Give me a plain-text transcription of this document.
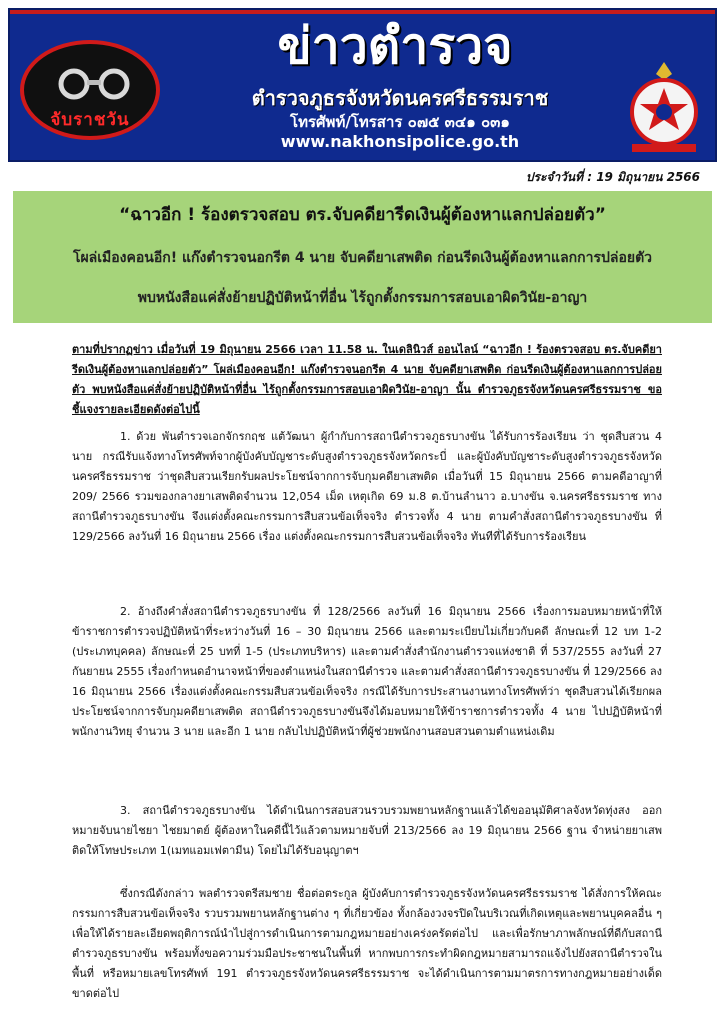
จับราชวัน
ข่าวตำรวจ
ตำรวจภูธรจังหวัดนครศรีธรรมราช
โทรศัพท์/โทรสาร ๐๗๕ ๓๔๑ ๐๓๑
www.nakhonsipolice.go.th
ประจำวันที่ : 19 มิถุนายน 2566
“ฉาวอีก ! ร้องตรวจสอบ ตร.จับคดียารีดเงินผู้ต้องหาแลกปล่อยตัว”
โผล่เมืองคอนอีก! แก๊งตำรวจนอกรีต 4 นาย จับคดียาเสพติด ก่อนรีดเงินผู้ต้องหาแลกการปล่อยตัว
พบหนังสือแค่สั่งย้ายปฏิบัติหน้าที่อื่น ไร้ถูกตั้งกรรมการสอบเอาผิดวินัย-อาญา
ตามที่ปรากฏข่าว เมื่อวันที่ 19 มิถุนายน 2566 เวลา 11.58 น. ในเดลินิวส์ ออนไลน์ “ฉาวอีก ! ร้องตรวจสอบ ตร.จับคดียารีดเงินผู้ต้องหาแลกปล่อยตัว” โผล่เมืองคอนอีก! แก๊งตำรวจนอกรีต 4 นาย จับคดียาเสพติด ก่อนรีดเงินผู้ต้องหาแลกการปล่อยตัว พบหนังสือแค่สั่งย้ายปฏิบัติหน้าที่อื่น ไร้ถูกตั้งกรรมการสอบเอาผิดวินัย-อาญา นั้น ตำรวจภูธรจังหวัดนครศรีธรรมราช ขอชี้แจงรายละเอียดดังต่อไปนี้
1. ด้วย พันตำรวจเอกจักรกฤช แต้วัฒนา ผู้กำกับการสถานีตำรวจภูธรบางขัน ได้รับการร้องเรียน ว่า ชุดสืบสวน 4 นาย กรณีรับแจ้งทางโทรศัพท์จากผู้บังคับบัญชาระดับสูงตำรวจภูธรจังหวัดกระบี่ และผู้บังคับบัญชาระดับสูงตำรวจภูธรจังหวัดนครศรีธรรมราช ว่าชุดสืบสวนเรียกรับผลประโยชน์จากการจับกุมคดียาเสพติด เมื่อวันที่ 15 มิถุนายน 2566 ตามคดีอาญาที่ 209/ 2566 รวมของกลางยาเสพติดจำนวน 12,054 เม็ด เหตุเกิด 69 ม.8 ต.บ้านลำนาว อ.บางขัน จ.นครศรีธรรมราช ทางสถานีตำรวจภูธรบางขัน จึงแต่งตั้งคณะกรรมการสืบสวนข้อเท็จจริง ตำรวจทั้ง 4 นาย ตามคำสั่งสถานีตำรวจภูธรบางขัน ที่ 129/2566 ลงวันที่ 16 มิถุนายน 2566 เรื่อง แต่งตั้งคณะกรรมการสืบสวนข้อเท็จจริง ทันทีที่ได้รับการร้องเรียน
2. อ้างถึงคำสั่งสถานีตำรวจภูธรบางขัน ที่ 128/2566 ลงวันที่ 16 มิถุนายน 2566 เรื่องการมอบหมายหน้าที่ให้ข้าราชการตำรวจปฏิบัติหน้าที่ระหว่างวันที่ 16 – 30 มิถุนายน 2566 และตามระเบียบไม่เกี่ยวกับคดี ลักษณะที่ 12 บท 1-2 (ประเภทบุคคล) ลักษณะที่ 25 บทที่ 1-5 (ประเภทบริหาร) และตามคำสั่งสำนักงานตำรวจแห่งชาติ ที่ 537/2555 ลงวันที่ 27 กันยายน 2555 เรื่องกำหนดอำนาจหน้าที่ของตำแหน่งในสถานีตำรวจ และตามคำสั่งสถานีตำรวจภูธรบางขัน ที่ 129/2566 ลง 16 มิถุนายน 2566 เรื่องแต่งตั้งคณะกรรมสืบสวนข้อเท็จจริง กรณีได้รับการประสานงานทางโทรศัพท์ว่า ชุดสืบสวนได้เรียกผลประโยชน์จากการจับกุมคดียาเสพติด สถานีตำรวจภูธรบางขันจึงได้มอบหมายให้ข้าราชการตำรวจทั้ง 4 นาย ไปปฏิบัติหน้าที่พนักงานวิทยุ จำนวน 3 นาย และอีก 1 นาย กลับไปปฏิบัติหน้าที่ผู้ช่วยพนักงานสอบสวนตามตำแหน่งเดิม
3. สถานีตำรวจภูธรบางขัน ได้ดำเนินการสอบสวนรวบรวมพยานหลักฐานแล้วได้ขออนุมัติศาลจังหวัดทุ่งสง ออกหมายจับนายไชยา ไชยมาตย์ ผู้ต้องหาในคดีนี้ไว้แล้วตามหมายจับที่ 213/2566 ลง 19 มิถุนายน 2566 ฐาน จำหน่ายยาเสพติดให้โทษประเภท 1(เมทแอมเฟตามีน) โดยไม่ได้รับอนุญาตฯ
ซึ่งกรณีดังกล่าว พลตำรวจตรีสมชาย ชื่อต่อตระกูล ผู้บังคับการตำรวจภูธรจังหวัดนครศรีธรรมราช ได้สั่งการให้คณะกรรมการสืบสวนข้อเท็จจริง รวบรวมพยานหลักฐานต่าง ๆ ที่เกี่ยวข้อง ทั้งกล้องวงจรปิดในบริเวณที่เกิดเหตุและพยานบุคคลอื่น ๆ เพื่อให้ได้รายละเอียดพฤติการณ์นำไปสู่การดำเนินการตามกฎหมายอย่างเคร่งครัดต่อไป และเพื่อรักษาภาพลักษณ์ที่ดีกับสถานีตำรวจภูธรบางขัน พร้อมทั้งขอความร่วมมือประชาชนในพื้นที่ หากพบการกระทำผิดกฎหมายสามารถแจ้งไปยังสถานีตำรวจในพื้นที่ หรือหมายเลขโทรศัพท์ 191 ตำรวจภูธรจังหวัดนครศรีธรรมราช จะได้ดำเนินการตามมาตรการทางกฎหมายอย่างเด็ดขาดต่อไป
